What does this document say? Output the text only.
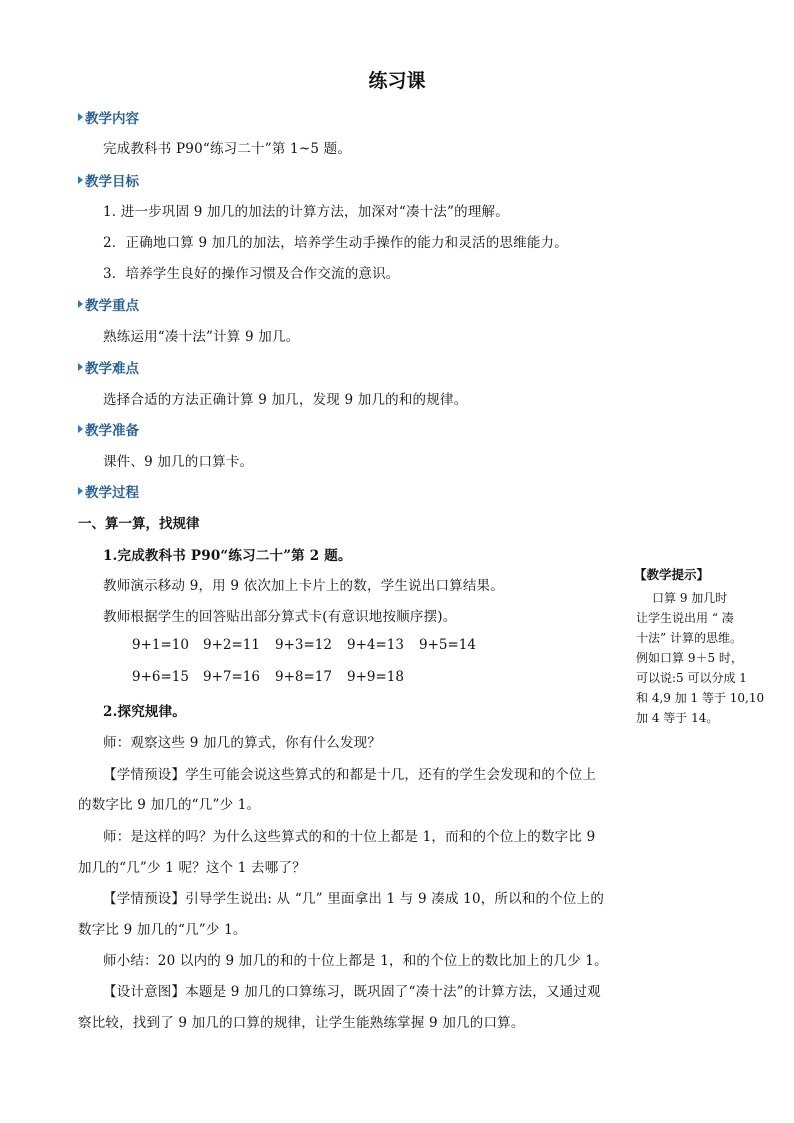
练习课
教学内容
完成教科书 P90“练习二十”第 1~5 题。
教学目标
1. 进一步巩固 9 加几的加法的计算方法，加深对“凑十法”的理解。
2．正确地口算 9 加几的加法，培养学生动手操作的能力和灵活的思维能力。
3．培养学生良好的操作习惯及合作交流的意识。
教学重点
熟练运用“凑十法”计算 9 加几。
教学难点
选择合适的方法正确计算 9 加几，发现 9 加几的和的规律。
教学准备
课件、9 加几的口算卡。
教学过程
一、算一算，找规律
1.完成教科书 P90“练习二十”第 2 题。
教师演示移动 9，用 9 依次加上卡片上的数，学生说出口算结果。
教师根据学生的回答贴出部分算式卡(有意识地按顺序摆)。
9+1=10 9+2=11 9+3=12 9+4=13 9+5=14
9+6=15 9+7=16 9+8=17 9+9=18
2.探究规律。
师：观察这些 9 加几的算式，你有什么发现？
【学情预设】学生可能会说这些算式的和都是十几，还有的学生会发现和的个位上
的数字比 9 加几的“几”少 1。
师：是这样的吗？为什么这些算式的和的十位上都是 1，而和的个位上的数字比 9
加几的“几”少 1 呢？这个 1 去哪了？
【学情预设】引导学生说出: 从 “几” 里面拿出 1 与 9 凑成 10，所以和的个位上的
数字比 9 加几的“几”少 1。
师小结：20 以内的 9 加几的和的十位上都是 1，和的个位上的数比加上的几少 1。
【设计意图】本题是 9 加几的口算练习，既巩固了“凑十法”的计算方法，又通过观
察比较，找到了 9 加几的口算的规律，让学生能熟练掌握 9 加几的口算。
【教学提示】
口算 9 加几时
让学生说出用 “ 凑
十法” 计算的思维。
例如口算 9＋5 时，
可以说:5 可以分成 1
和 4,9 加 1 等于 10,10
加 4 等于 14。
